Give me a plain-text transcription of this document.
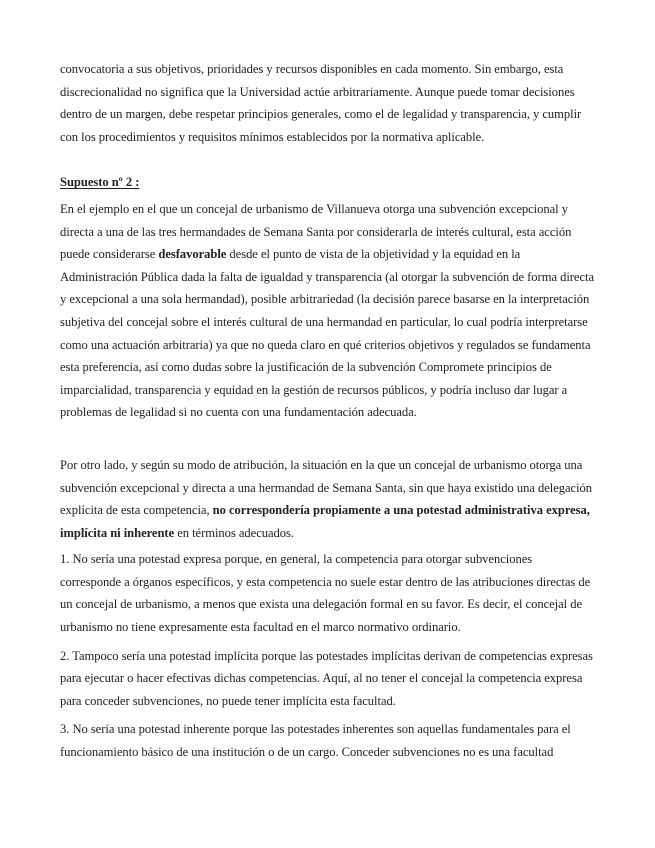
convocatoria a sus objetivos, prioridades y recursos disponibles en cada momento. Sin embargo, esta discrecionalidad no significa que la Universidad actúe arbitrariamente. Aunque puede tomar decisiones dentro de un margen, debe respetar principios generales, como el de legalidad y transparencia, y cumplir con los procedimientos y requisitos mínimos establecidos por la normativa aplicable.

Supuesto nº 2 :

En el ejemplo en el que un concejal de urbanismo de Villanueva otorga una subvención excepcional y directa a una de las tres hermandades de Semana Santa por considerarla de interés cultural, esta acción puede considerarse desfavorable desde el punto de vista de la objetividad y la equidad en la Administración Pública dada la falta de igualdad y transparencia (al otorgar la subvención de forma directa y excepcional a una sola hermandad), posible arbitrariedad (la decisión parece basarse en la interpretación subjetiva del concejal sobre el interés cultural de una hermandad en particular, lo cual podría interpretarse como una actuación arbitraria) ya que no queda claro en qué criterios objetivos y regulados se fundamenta esta preferencia, así como dudas sobre la justificación de la subvención Compromete principios de imparcialidad, transparencia y equidad en la gestión de recursos públicos, y podría incluso dar lugar a problemas de legalidad si no cuenta con una fundamentación adecuada.

Por otro lado, y según su modo de atribución, la situación en la que un concejal de urbanismo otorga una subvención excepcional y directa a una hermandad de Semana Santa, sin que haya existido una delegación explícita de esta competencia, no correspondería propiamente a una potestad administrativa expresa, implícita ni inherente en términos adecuados.

1. No sería una potestad expresa porque, en general, la competencia para otorgar subvenciones corresponde a órganos específicos, y esta competencia no suele estar dentro de las atribuciones directas de un concejal de urbanismo, a menos que exista una delegación formal en su favor. Es decir, el concejal de urbanismo no tiene expresamente esta facultad en el marco normativo ordinario.

2. Tampoco sería una potestad implícita porque las potestades implícitas derivan de competencias expresas para ejecutar o hacer efectivas dichas competencias. Aquí, al no tener el concejal la competencia expresa para conceder subvenciones, no puede tener implícita esta facultad.

3. No sería una potestad inherente porque las potestades inherentes son aquellas fundamentales para el funcionamiento básico de una institución o de un cargo. Conceder subvenciones no es una facultad
